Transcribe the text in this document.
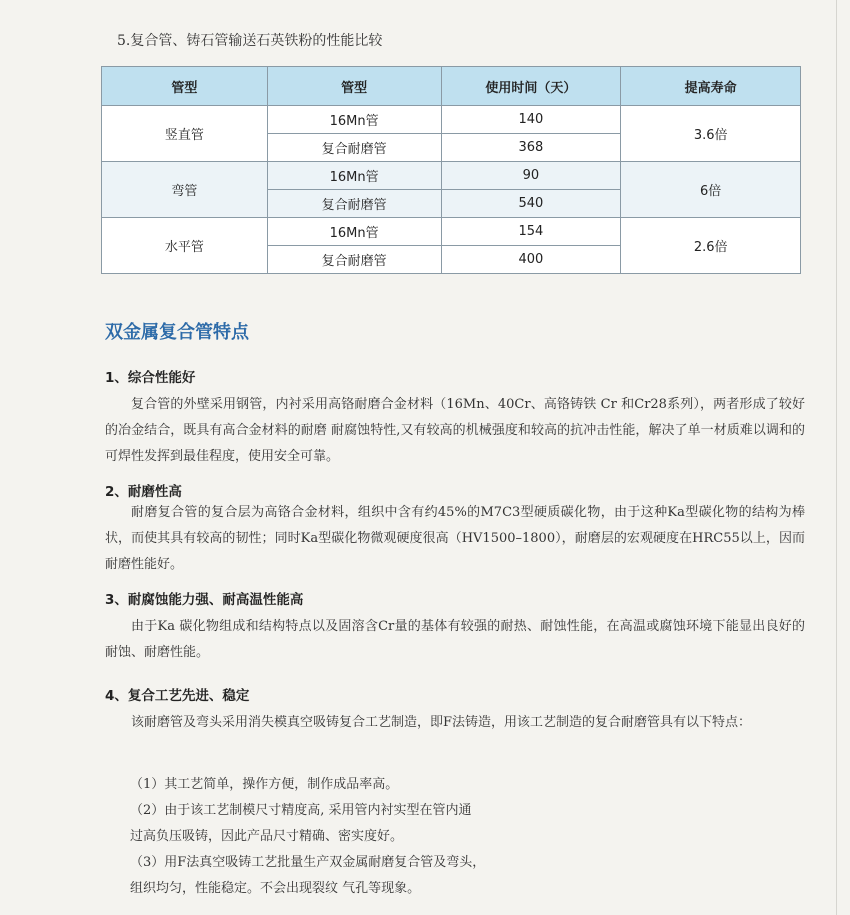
5.复合管、铸石管输送石英铁粉的性能比较
管型	管型	使用时间（天）	提高寿命
竖直管	16Mn管	140	3.6倍
	复合耐磨管	368	
弯管	16Mn管	90	6倍
	复合耐磨管	540	
水平管	16Mn管	154	2.6倍
	复合耐磨管	400	
双金属复合管特点
1、综合性能好

复合管的外壁采用钢管，内衬采用高铬耐磨合金材料（16Mn、40Cr、高铬铸铁 Cr 和Cr28系列），两者形成了较好的冶金结合，既具有高合金材料的耐磨 耐腐蚀特性,又有较高的机械强度和较高的抗冲击性能，解决了单一材质难以调和的可焊性发挥到最佳程度，使用安全可靠。

2、耐磨性高

耐磨复合管的复合层为高铬合金材料，组织中含有约45%的M7C3型硬质碳化物，由于这种Ka型碳化物的结构为棒状，而使其具有较高的韧性；同时Ka型碳化物微观硬度很高（HV1500–1800），耐磨层的宏观硬度在HRC55以上，因而耐磨性能好。

3、耐腐蚀能力强、耐高温性能高

由于Ka 碳化物组成和结构特点以及固溶含Cr量的基体有较强的耐热、耐蚀性能，在高温或腐蚀环境下能显出良好的耐蚀、耐磨性能。

4、复合工艺先进、稳定

该耐磨管及弯头采用消失模真空吸铸复合工艺制造，即F法铸造，用该工艺制造的复合耐磨管具有以下特点：

（1）其工艺简单，操作方便，制作成品率高。
（2）由于该工艺制模尺寸精度高, 采用管内衬实型在管内通
过高负压吸铸，因此产品尺寸精确、密实度好。
（3）用F法真空吸铸工艺批量生产双金属耐磨复合管及弯头，
组织均匀，性能稳定。不会出现裂纹 气孔等现象。
